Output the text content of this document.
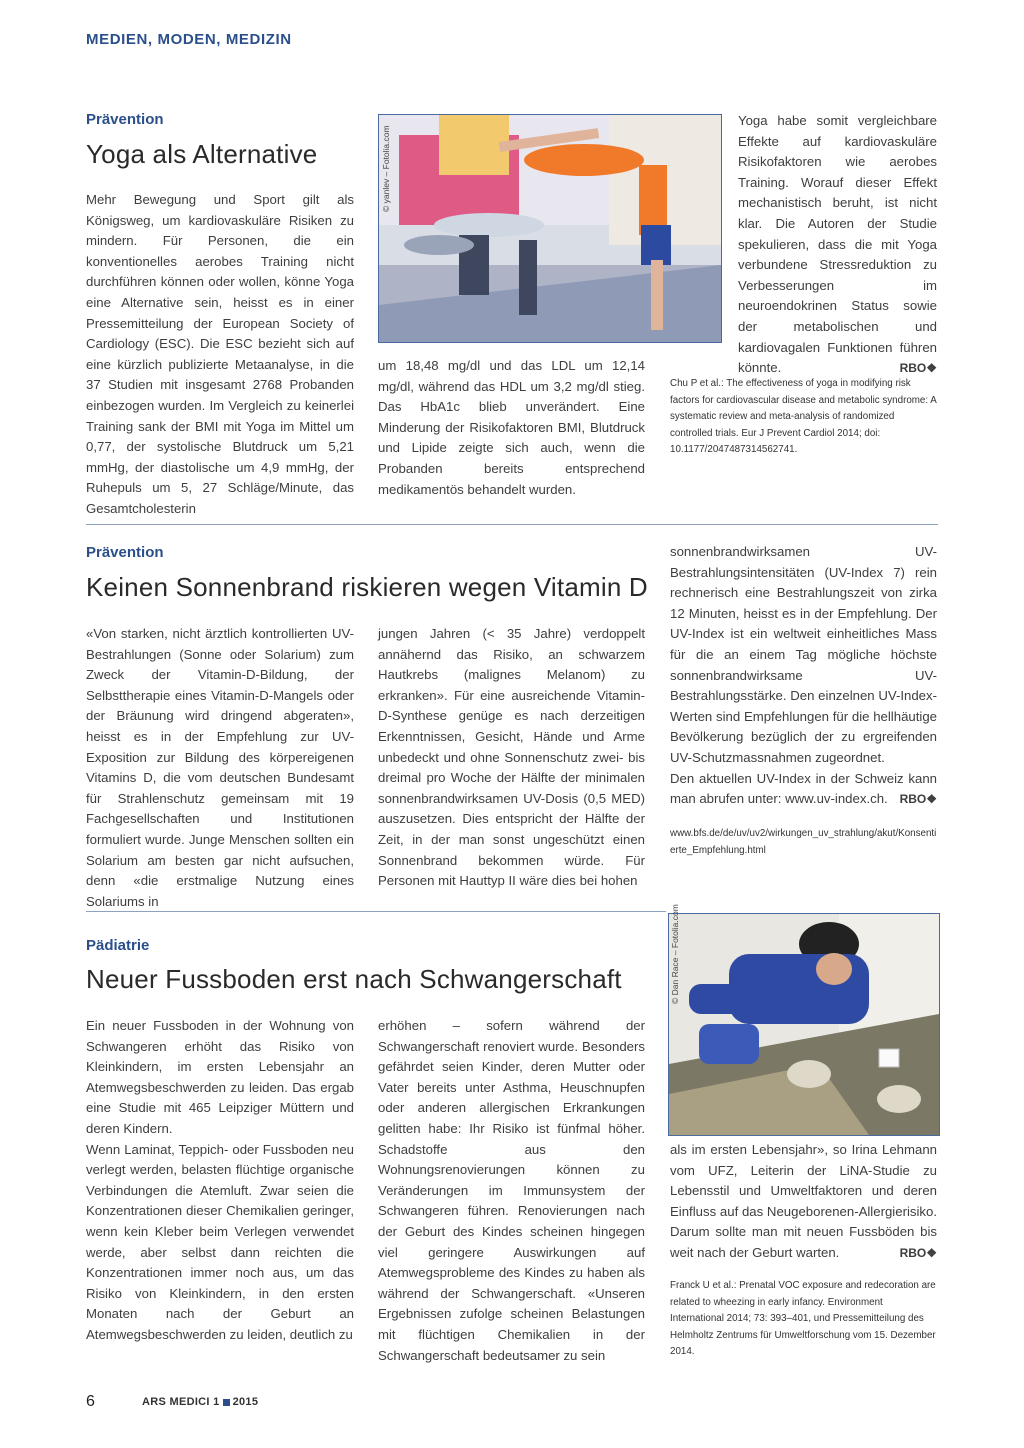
MEDIEN, MODEN, MEDIZIN
Prävention
Yoga als Alternative

Mehr Bewegung und Sport gilt als Königsweg, um kardiovaskuläre Risiken zu mindern. Für Personen, die ein konventionelles aerobes Training nicht durchführen können oder wollen, könne Yoga eine Alternative sein, heisst es in einer Pressemitteilung der European Society of Cardiology (ESC). Die ESC bezieht sich auf eine kürzlich publizierte Metaanalyse, in die 37 Studien mit insgesamt 2768 Probanden einbezogen wurden. Im Vergleich zu keinerlei Training sank der BMI mit Yoga im Mittel um 0,77, der systolische Blutdruck um 5,21 mmHg, der diastolische um 4,9 mmHg, der Ruhepuls um 5, 27 Schläge/Minute, das Gesamtcholesterin

© yanlev – Fotolia.com

um 18,48 mg/dl und das LDL um 12,14 mg/dl, während das HDL um 3,2 mg/dl stieg. Das HbA1c blieb unverändert. Eine Minderung der Risikofaktoren BMI, Blutdruck und Lipide zeigte sich auch, wenn die Probanden bereits entsprechend medikamentös behandelt wurden.

Yoga habe somit vergleichbare Effekte auf kardiovaskuläre Risikofaktoren wie aerobes Training. Worauf dieser Effekt mechanistisch beruht, ist nicht klar. Die Autoren der Studie spekulieren, dass die mit Yoga verbundene Stressreduktion zu Verbesserungen im neuroendokrinen Status sowie der metabolischen und kardiovagalen Funktionen führen könnte.	RBO❖

Chu P et al.: The effectiveness of yoga in modifying risk factors for cardiovascular disease and metabolic syndrome: A systematic review and meta-analysis of randomized controlled trials. Eur J Prevent Cardiol 2014; doi: 10.1177/2047487314562741.
Prävention
Keinen Sonnenbrand riskieren wegen Vitamin D

«Von starken, nicht ärztlich kontrollierten UV-Bestrahlungen (Sonne oder Solarium) zum Zweck der Vitamin-D-Bildung, der Selbsttherapie eines Vitamin-D-Mangels oder der Bräunung wird dringend abgeraten», heisst es in der Empfehlung zur UV-Exposition zur Bildung des körpereigenen Vitamins D, die vom deutschen Bundesamt für Strahlenschutz gemeinsam mit 19 Fachgesellschaften und Institutionen formuliert wurde. Junge Menschen sollten ein Solarium am besten gar nicht aufsuchen, denn «die erstmalige Nutzung eines Solariums in

jungen Jahren (< 35 Jahre) verdoppelt annähernd das Risiko, an schwarzem Hautkrebs (malignes Melanom) zu erkranken». Für eine ausreichende Vitamin-D-Synthese genüge es nach derzeitigen Erkenntnissen, Gesicht, Hände und Arme unbedeckt und ohne Sonnenschutz zwei- bis dreimal pro Woche der Hälfte der minimalen sonnenbrandwirksamen UV-Dosis (0,5 MED) auszusetzen. Dies entspricht der Hälfte der Zeit, in der man sonst ungeschützt einen Sonnenbrand bekommen würde. Für Personen mit Hauttyp II wäre dies bei hohen

sonnenbrandwirksamen UV-Bestrahlungsintensitäten (UV-Index 7) rein rechnerisch eine Bestrahlungszeit von zirka 12 Minuten, heisst es in der Empfehlung. Der UV-Index ist ein weltweit einheitliches Mass für die an einem Tag mögliche höchste sonnenbrandwirksame UV-Bestrahlungsstärke. Den einzelnen UV-Index-Werten sind Empfehlungen für die hellhäutige Bevölkerung bezüglich der zu ergreifenden UV-Schutzmassnahmen zugeordnet.

Den aktuellen UV-Index in der Schweiz kann man abrufen unter: www.uv-index.ch. RBO❖

www.bfs.de/de/uv/uv2/wirkungen_uv_strahlung/akut/Konsentierte_Empfehlung.html
Pädiatrie
Neuer Fussboden erst nach Schwangerschaft

Ein neuer Fussboden in der Wohnung von Schwangeren erhöht das Risiko von Kleinkindern, im ersten Lebensjahr an Atemwegsbeschwerden zu leiden. Das ergab eine Studie mit 465 Leipziger Müttern und deren Kindern.

Wenn Laminat, Teppich- oder Fussboden neu verlegt werden, belasten flüchtige organische Verbindungen die Atemluft. Zwar seien die Konzentrationen dieser Chemikalien geringer, wenn kein Kleber beim Verlegen verwendet werde, aber selbst dann reichten die Konzentrationen immer noch aus, um das Risiko von Kleinkindern, in den ersten Monaten nach der Geburt an Atemwegsbeschwerden zu leiden, deutlich zu

erhöhen – sofern während der Schwangerschaft renoviert wurde. Besonders gefährdet seien Kinder, deren Mutter oder Vater bereits unter Asthma, Heuschnupfen oder anderen allergischen Erkrankungen gelitten habe: Ihr Risiko ist fünfmal höher. Schadstoffe aus den Wohnungsrenovierungen können zu Veränderungen im Immunsystem der Schwangeren führen. Renovierungen nach der Geburt des Kindes scheinen hingegen viel geringere Auswirkungen auf Atemwegsprobleme des Kindes zu haben als während der Schwangerschaft. «Unseren Ergebnissen zufolge scheinen Belastungen mit flüchtigen Chemikalien in der Schwangerschaft bedeutsamer zu sein

© Dan Race – Fotolia.com

als im ersten Lebensjahr», so Irina Lehmann vom UFZ, Leiterin der LiNA-Studie zu Lebensstil und Umweltfaktoren und deren Einfluss auf das Neugeborenen-Allergierisiko. Darum sollte man mit neuen Fussböden bis weit nach der Geburt warten.	RBO❖

Franck U et al.: Prenatal VOC exposure and redecoration are related to wheezing in early infancy. Environment International 2014; 73: 393–401, und Pressemitteilung des Helmholtz Zentrums für Umweltforschung vom 15. Dezember 2014.
6	ARS MEDICI 1 2015
